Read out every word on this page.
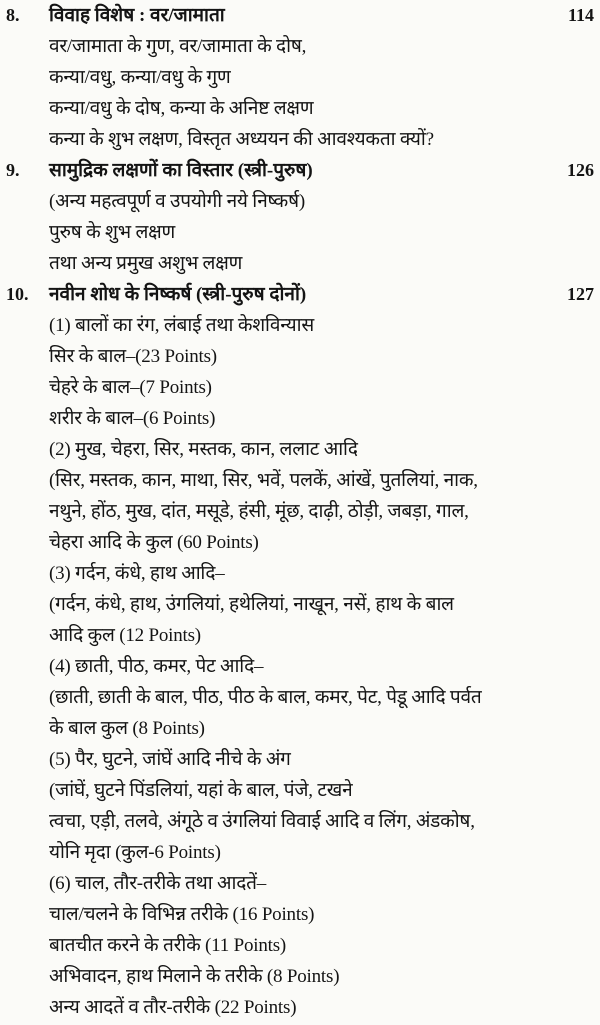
8. विवाह विशेष : वर/जामाता	114
वर/जामाता के गुण, वर/जामाता के दोष,
कन्या/वधु, कन्या/वधु के गुण
कन्या/वधु के दोष, कन्या के अनिष्ट लक्षण
कन्या के शुभ लक्षण, विस्तृत अध्ययन की आवश्यकता क्यों?
9. सामुद्रिक लक्षणों का विस्तार (स्त्री-पुरुष)	126
(अन्य महत्वपूर्ण व उपयोगी नये निष्कर्ष)
पुरुष के शुभ लक्षण
तथा अन्य प्रमुख अशुभ लक्षण
10. नवीन शोध के निष्कर्ष (स्त्री-पुरुष दोनों)	127
(1) बालों का रंग, लंबाई तथा केशविन्यास
सिर के बाल–(23 Points)
चेहरे के बाल–(7 Points)
शरीर के बाल–(6 Points)
(2) मुख, चेहरा, सिर, मस्तक, कान, ललाट आदि
(सिर, मस्तक, कान, माथा, सिर, भवें, पलकें, आंखें, पुतलियां, नाक,
नथुने, होंठ, मुख, दांत, मसूडे, हंसी, मूंछ, दाढ़ी, ठोड़ी, जबड़ा, गाल,
चेहरा आदि के कुल (60 Points)
(3) गर्दन, कंधे, हाथ आदि–
(गर्दन, कंधे, हाथ, उंगलियां, हथेलियां, नाखून, नसें, हाथ के बाल
आदि कुल (12 Points)
(4) छाती, पीठ, कमर, पेट आदि–
(छाती, छाती के बाल, पीठ, पीठ के बाल, कमर, पेट, पेडू आदि पर्वत
के बाल कुल (8 Points)
(5) पैर, घुटने, जांघें आदि नीचे के अंग
(जांघें, घुटने पिंडलियां, यहां के बाल, पंजे, टखने
त्वचा, एड़ी, तलवे, अंगूठे व उंगलियां विवाई आदि व लिंग, अंडकोष,
योनि मृदा (कुल-6 Points)
(6) चाल, तौर-तरीके तथा आदतें–
चाल/चलने के विभिन्न तरीके (16 Points)
बातचीत करने के तरीके (11 Points)
अभिवादन, हाथ मिलाने के तरीके (8 Points)
अन्य आदतें व तौर-तरीके (22 Points)
